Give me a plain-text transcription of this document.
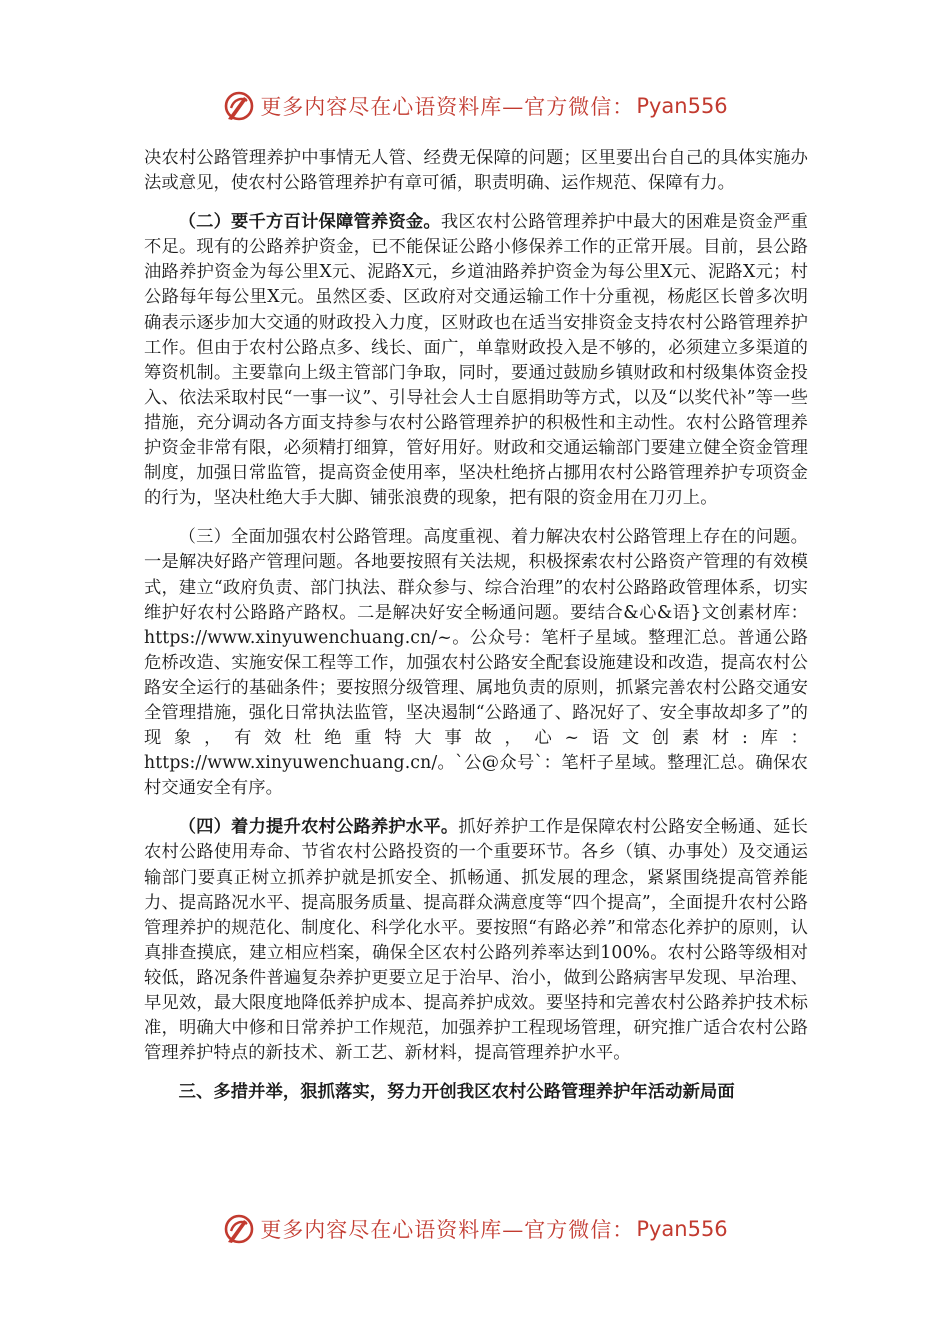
更多内容尽在心语资料库—官方微信： Pyan556

决农村公路管理养护中事情无人管、经费无保障的问题；区里要出台自己的具体实施办法或意见，使农村公路管理养护有章可循，职责明确、运作规范、保障有力。

（二）要千方百计保障管养资金。我区农村公路管理养护中最大的困难是资金严重不足。现有的公路养护资金，已不能保证公路小修保养工作的正常开展。目前，县公路油路养护资金为每公里X元、泥路X元，乡道油路养护资金为每公里X元、泥路X元；村公路每年每公里X元。虽然区委、区政府对交通运输工作十分重视，杨彪区长曾多次明确表示逐步加大交通的财政投入力度，区财政也在适当安排资金支持农村公路管理养护工作。但由于农村公路点多、线长、面广，单靠财政投入是不够的，必须建立多渠道的筹资机制。主要靠向上级主管部门争取，同时，要通过鼓励乡镇财政和村级集体资金投入、依法采取村民“一事一议”、引导社会人士自愿捐助等方式，以及“以奖代补”等一些措施，充分调动各方面支持参与农村公路管理养护的积极性和主动性。农村公路管理养护资金非常有限，必须精打细算，管好用好。财政和交通运输部门要建立健全资金管理制度，加强日常监管，提高资金使用率，坚决杜绝挤占挪用农村公路管理养护专项资金的行为，坚决杜绝大手大脚、铺张浪费的现象，把有限的资金用在刀刃上。

（三）全面加强农村公路管理。高度重视、着力解决农村公路管理上存在的问题。一是解决好路产管理问题。各地要按照有关法规，积极探索农村公路资产管理的有效模式，建立“政府负责、部门执法、群众参与、综合治理”的农村公路路政管理体系，切实维护好农村公路路产路权。二是解决好安全畅通问题。要结合&心&语}文创素材库：https://www.xinyuwenchuang.cn/~。公众号：笔杆子星域。整理汇总。普通公路危桥改造、实施安保工程等工作，加强农村公路安全配套设施建设和改造，提高农村公路安全运行的基础条件；要按照分级管理、属地负责的原则，抓紧完善农村公路交通安全管理措施，强化日常执法监管，坚决遏制“公路通了、路况好了、安全事故却多了”的现象，有效杜绝重特大事故，心~语文创素材:库：https://www.xinyuwenchuang.cn/。`公@众号`：笔杆子星域。整理汇总。确保农村交通安全有序。

（四）着力提升农村公路养护水平。抓好养护工作是保障农村公路安全畅通、延长农村公路使用寿命、节省农村公路投资的一个重要环节。各乡（镇、办事处）及交通运输部门要真正树立抓养护就是抓安全、抓畅通、抓发展的理念，紧紧围绕提高管养能力、提高路况水平、提高服务质量、提高群众满意度等“四个提高”，全面提升农村公路管理养护的规范化、制度化、科学化水平。要按照“有路必养”和常态化养护的原则，认真排查摸底，建立相应档案，确保全区农村公路列养率达到100%。农村公路等级相对较低，路况条件普遍复杂养护更要立足于治早、治小，做到公路病害早发现、早治理、早见效，最大限度地降低养护成本、提高养护成效。要坚持和完善农村公路养护技术标准，明确大中修和日常养护工作规范，加强养护工程现场管理，研究推广适合农村公路管理养护特点的新技术、新工艺、新材料，提高管理养护水平。

三、多措并举，狠抓落实，努力开创我区农村公路管理养护年活动新局面

更多内容尽在心语资料库—官方微信： Pyan556
